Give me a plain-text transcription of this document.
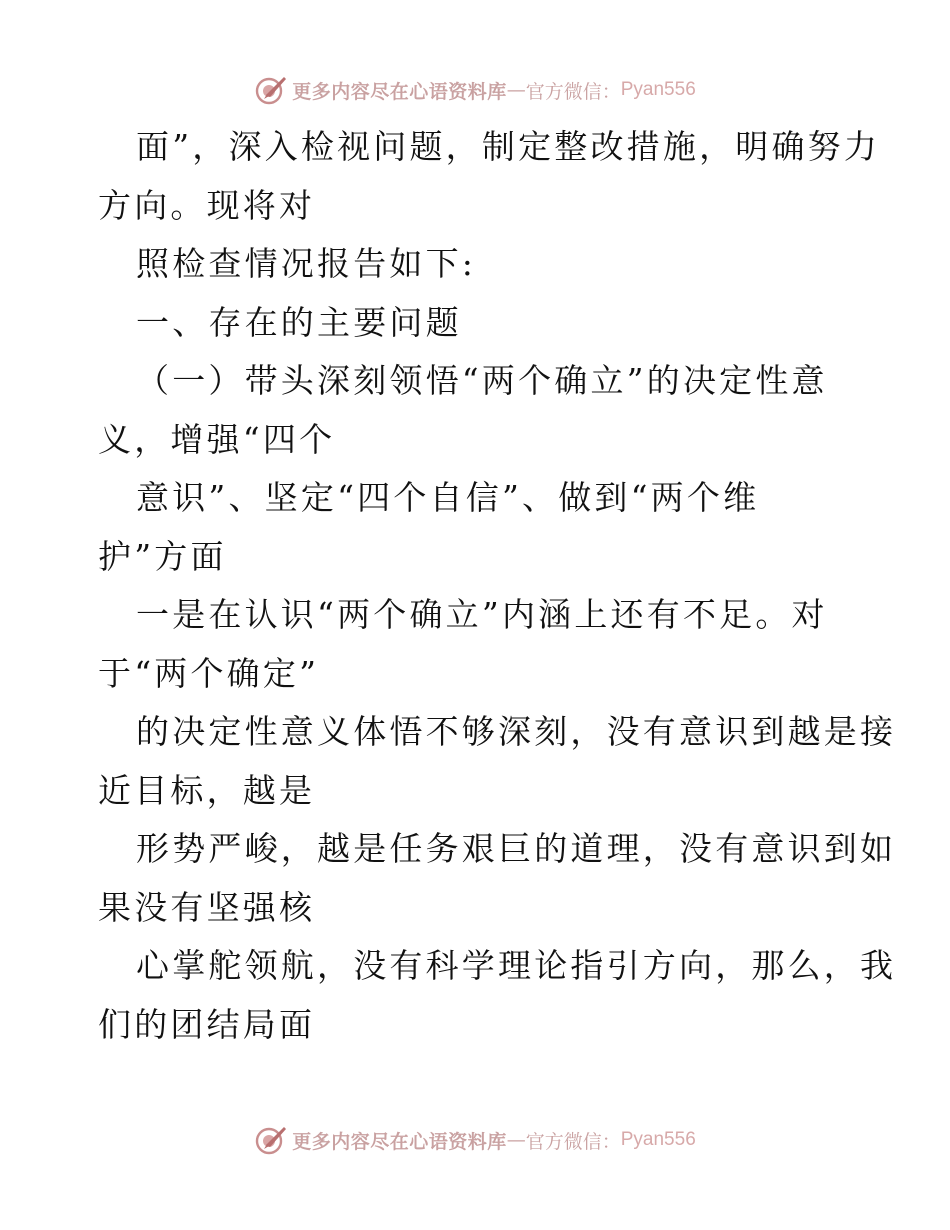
更多内容尽在心语资料库 — 官方微信： Pyan556
面”，深入检视问题，制定整改措施，明确努力
方向。现将对
照检查情况报告如下:
一、存在的主要问题
（一）带头深刻领悟“两个确立”的决定性意
义，增强“四个
意识”、坚定“四个自信”、做到“两个维
护”方面
一是在认识“两个确立”内涵上还有不足。对
于“两个确定”
的决定性意义体悟不够深刻，没有意识到越是接
近目标，越是
形势严峻，越是任务艰巨的道理，没有意识到如
果没有坚强核
心掌舵领航，没有科学理论指引方向，那么，我
们的团结局面
更多内容尽在心语资料库 — 官方微信： Pyan556
